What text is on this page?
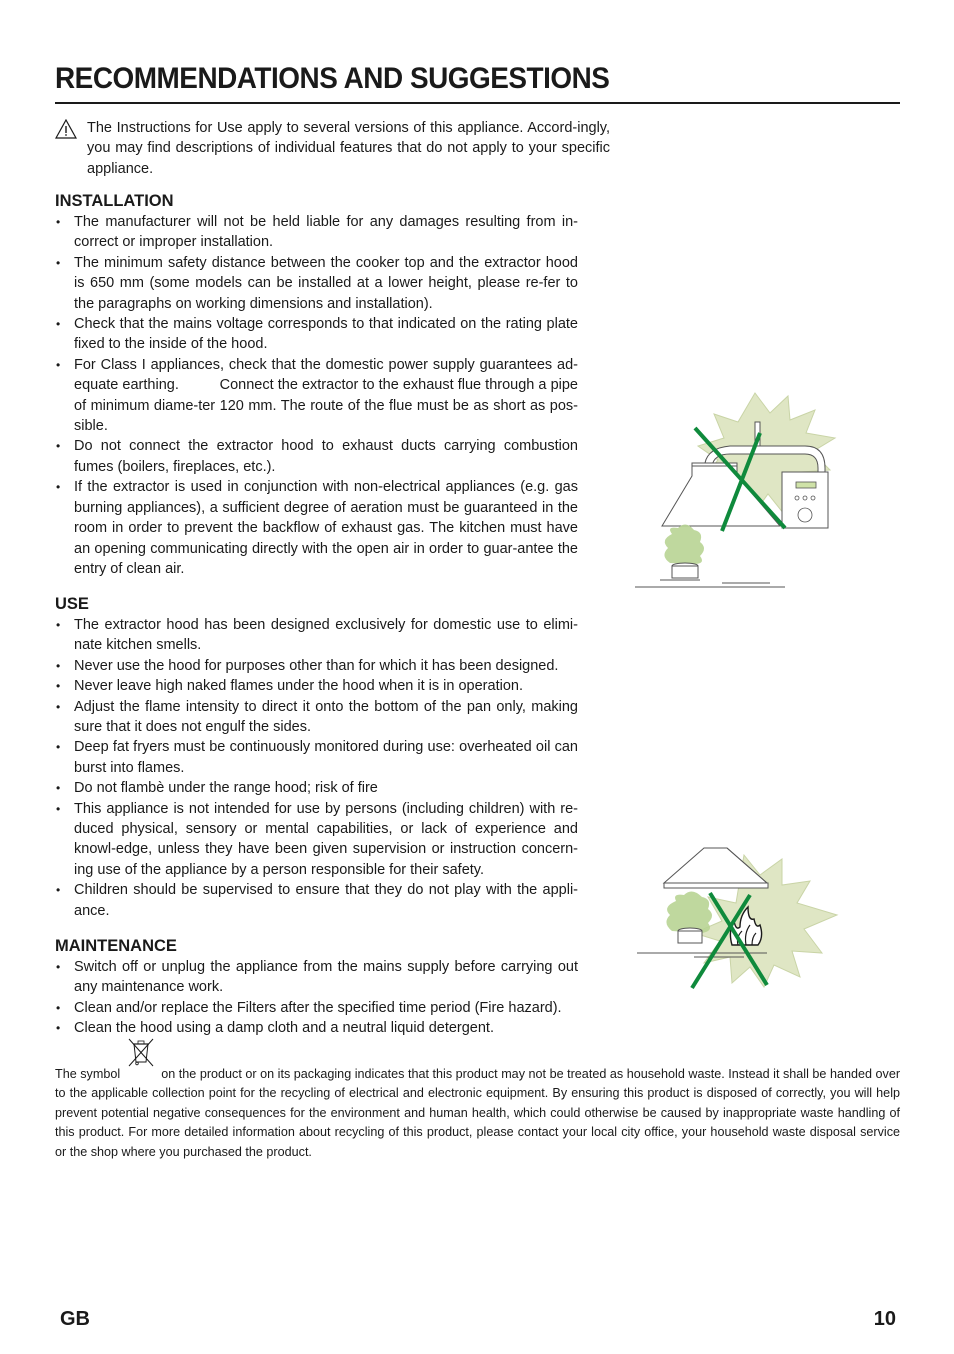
RECOMMENDATIONS AND SUGGESTIONS

The Instructions for Use apply to several versions of this appliance. Accord-ingly, you may find descriptions of individual features that do not apply to your specific appliance.

INSTALLATION
• The manufacturer will not be held liable for any damages resulting from in-correct or improper installation.
• The minimum safety distance between the cooker top and the extractor hood is 650 mm (some models can be installed at a lower height, please re-fer to the paragraphs on working dimensions and installation).
• Check that the mains voltage corresponds to that indicated on the rating plate fixed to the inside of the hood.
• For Class I appliances, check that the domestic power supply guarantees ad-equate earthing.          Connect the extractor to the exhaust flue through a pipe of minimum diame-ter 120 mm. The route of the flue must be as short as pos-sible.
• Do not connect the extractor hood to exhaust ducts carrying combustion fumes (boilers, fireplaces, etc.).
• If the extractor is used in conjunction with non-electrical appliances (e.g. gas burning appliances), a sufficient degree of aeration must be guaranteed in the room in order to prevent the backflow of exhaust gas. The kitchen must have an opening communicating directly with the open air in order to guar-antee the entry of clean air.
USE
• The extractor hood has been designed exclusively for domestic use to elimi-nate kitchen smells.
• Never use the hood for purposes other than for which it has been designed.
• Never leave high naked flames under the hood when it is in operation.
• Adjust the flame intensity to direct it onto the bottom of the pan only, making sure that it does not engulf the sides.
• Deep fat fryers must be continuously monitored during use: overheated oil can burst into flames.
• Do not flambè under the range hood; risk of fire
• This appliance is not intended for use by persons (including children) with re-duced physical, sensory or mental capabilities, or lack of experience and knowl-edge, unless they have been given supervision or instruction concern-ing use of the appliance by a person responsible for their safety.
• Children should be supervised to ensure that they do not play with the appli-ance.
MAINTENANCE
• Switch off or unplug the appliance from the mains supply before carrying out any maintenance work.
• Clean and/or replace the Filters after the specified time period (Fire hazard).
• Clean the hood using a damp cloth and a neutral liquid detergent.

The symbol	on the product or on its packaging indicates that this product may not be treated as household waste. Instead it shall be handed over to the applicable collection point for the recycling of electrical and electronic equipment. By ensuring this product is disposed of correctly, you will help prevent potential negative consequences for the environment and human health, which could otherwise be caused by inappropriate waste handling of this product. For more detailed information about recycling of this product, please contact your local city office, your household waste disposal service or the shop where you purchased the product.

GB	10
